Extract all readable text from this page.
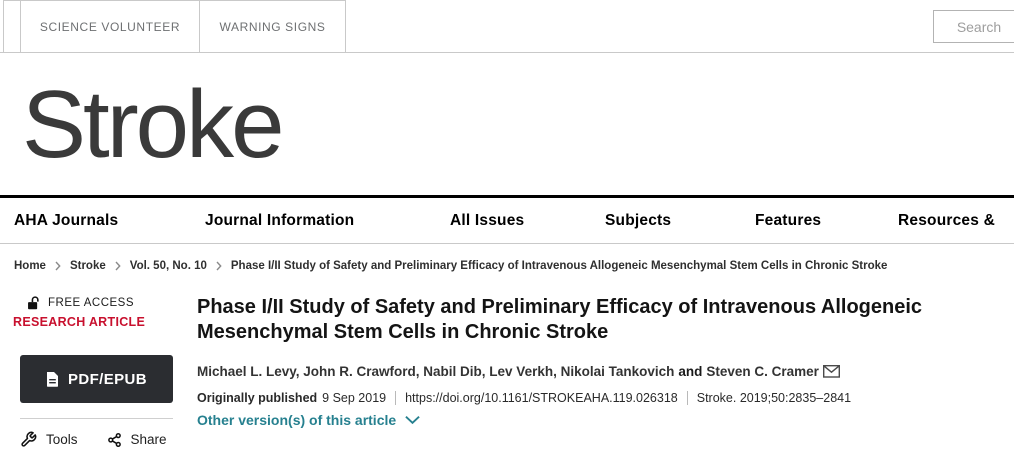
SCIENCE VOLUNTEER	WARNING SIGNS
Search
Stroke
AHA Journals	Journal Information	All Issues	Subjects	Features	Resources &
Home Stroke Vol. 50, No. 10 Phase I/II Study of Safety and Preliminary Efficacy of Intravenous Allogeneic Mesenchymal Stem Cells in Chronic Stroke
FREE ACCESS
RESEARCH ARTICLE
PDF/EPUB
Tools	Share
Phase I/II Study of Safety and Preliminary Efficacy of Intravenous Allogeneic Mesenchymal Stem Cells in Chronic Stroke
Michael L. Levy, John R. Crawford, Nabil Dib, Lev Verkh, Nikolai Tankovich and Steven C. Cramer
Originally published 9 Sep 2019 https://doi.org/10.1161/STROKEAHA.119.026318 Stroke. 2019;50:2835–2841
Other version(s) of this article
